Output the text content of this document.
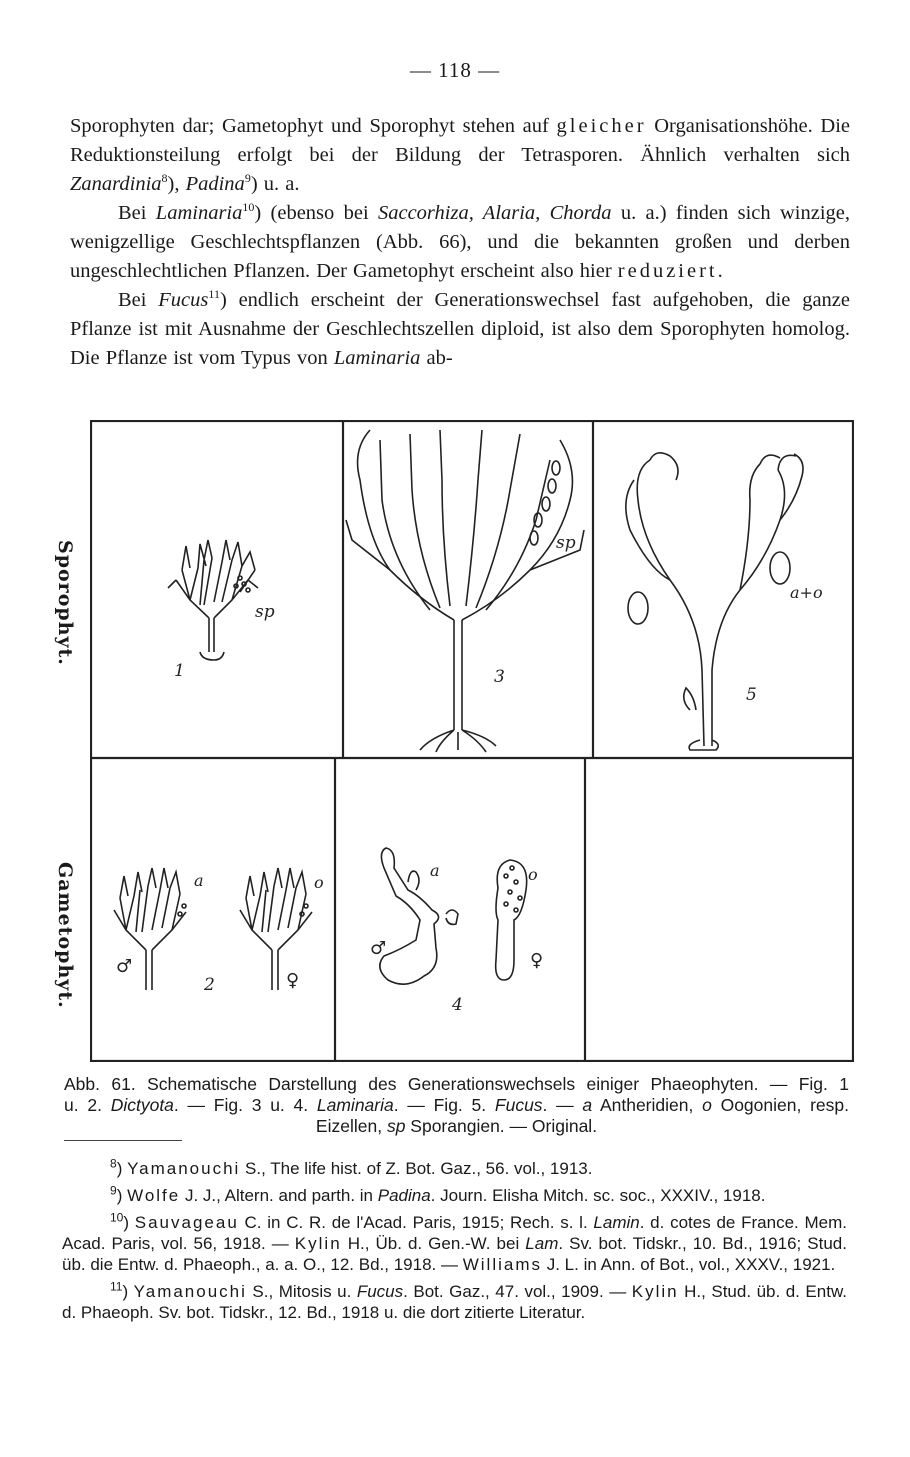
— 118 —

Sporophyten dar; Gametophyt und Sporophyt stehen auf gleicher Organisationshöhe. Die Reduktionsteilung erfolgt bei der Bildung der Tetrasporen. Ähnlich verhalten sich Zanardinia$^8$), Padina$^9$) u. a.

Bei Laminaria$^{10}$) (ebenso bei Saccorhiza, Alaria, Chorda u. a.) finden sich winzige, wenigzellige Geschlechtspflanzen (Abb. 66), und die bekannten großen und derben ungeschlechtlichen Pflanzen. Der Gametophyt erscheint also hier reduziert.

Bei Fucus$^{11}$) endlich erscheint der Generationswechsel fast aufgehoben, die ganze Pflanze ist mit Ausnahme der Geschlechtszellen diploid, ist also dem Sporophyten homolog. Die Pflanze ist vom Typus von Laminaria ab-

Sporophyt.
Gametophyt.
sp
1
sp
3
a+o
5
a	o
♂
♀
2
a	o
♂
♀
4
Abb. 61. Schematische Darstellung des Generationswechsels einiger Phaeophyten. — Fig. 1
u. 2. Dictyota. — Fig. 3 u. 4. Laminaria. — Fig. 5. Fucus. — a Antheridien, o Oogonien, resp.
Eizellen, sp Sporangien. — Original.

$^8$) Yamanouchi S., The life hist. of Z. Bot. Gaz., 56. vol., 1913.

$^9$) Wolfe J. J., Altern. and parth. in Padina. Journ. Elisha Mitch. sc. soc., XXXIV., 1918.

$^{10}$) Sauvageau C. in C. R. de l'Acad. Paris, 1915; Rech. s. l. Lamin. d. cotes de France. Mem. Acad. Paris, vol. 56, 1918. — Kylin H., Üb. d. Gen.-W. bei Lam. Sv. bot. Tidskr., 10. Bd., 1916; Stud. üb. die Entw. d. Phaeoph., a. a. O., 12. Bd., 1918. — Williams J. L. in Ann. of Bot., vol., XXXV., 1921.

$^{11}$) Yamanouchi S., Mitosis u. Fucus. Bot. Gaz., 47. vol., 1909. — Kylin H., Stud. üb. d. Entw. d. Phaeoph. Sv. bot. Tidskr., 12. Bd., 1918 u. die dort zitierte Literatur.
